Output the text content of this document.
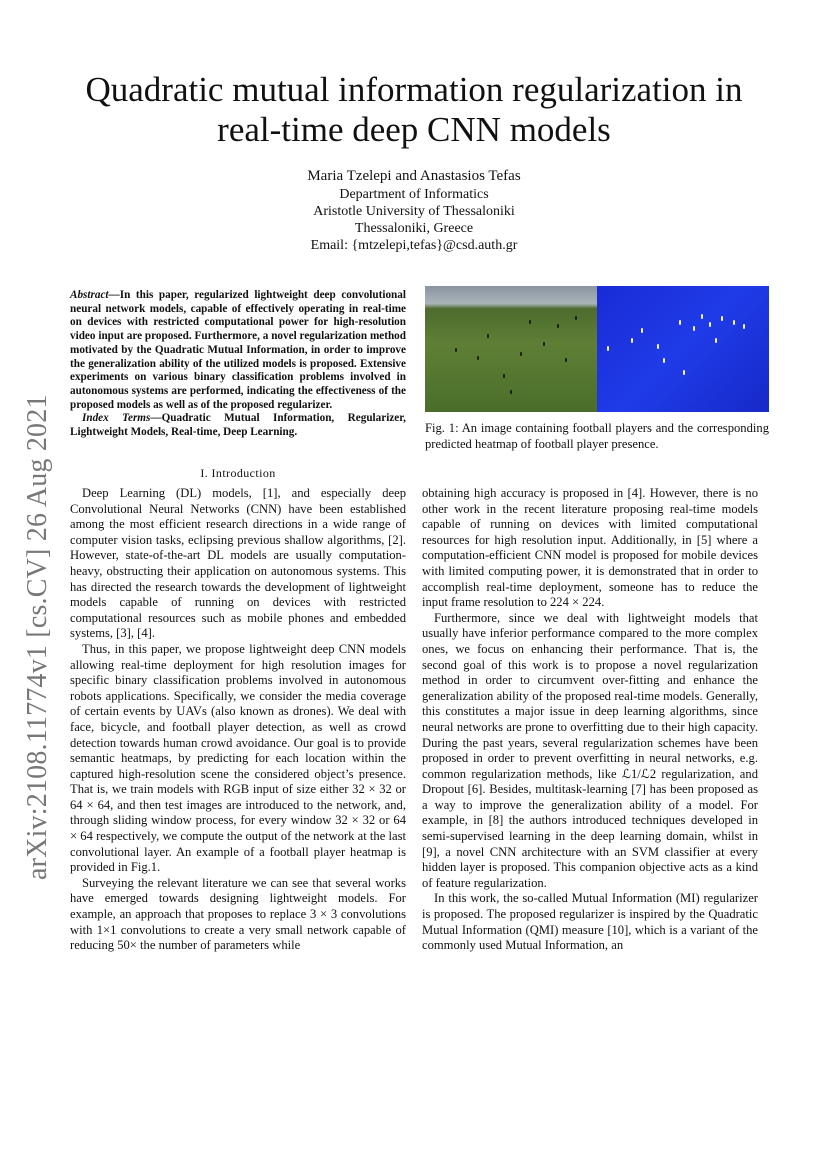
arXiv:2108.11774v1 [cs.CV] 26 Aug 2021
Quadratic mutual information regularization in
real-time deep CNN models
Maria Tzelepi and Anastasios Tefas
Department of Informatics
Aristotle University of Thessaloniki
Thessaloniki, Greece
Email: {mtzelepi,tefas}@csd.auth.gr

Abstract—In this paper, regularized lightweight deep convolutional neural network models, capable of effectively operating in real-time on devices with restricted computational power for high-resolution video input are proposed. Furthermore, a novel regularization method motivated by the Quadratic Mutual Information, in order to improve the generalization ability of the utilized models is proposed. Extensive experiments on various binary classification problems involved in autonomous systems are performed, indicating the effectiveness of the proposed models as well as of the proposed regularizer.

Index Terms—Quadratic Mutual Information, Regularizer, Lightweight Models, Real-time, Deep Learning.	Fig. 1: An image containing football players and the corresponding predicted heatmap of football player presence.
I. Introduction

Deep Learning (DL) models, [1], and especially deep Convolutional Neural Networks (CNN) have been established among the most efficient research directions in a wide range of computer vision tasks, eclipsing previous shallow algorithms, [2]. However, state-of-the-art DL models are usually computation-heavy, obstructing their application on autonomous systems. This has directed the research towards the development of lightweight models capable of running on devices with restricted computational resources such as mobile phones and embedded systems, [3], [4].

Thus, in this paper, we propose lightweight deep CNN models allowing real-time deployment for high resolution images for specific binary classification problems involved in autonomous robots applications. Specifically, we consider the media coverage of certain events by UAVs (also known as drones). We deal with face, bicycle, and football player detection, as well as crowd detection towards human crowd avoidance. Our goal is to provide semantic heatmaps, by predicting for each location within the captured high-resolution scene the considered object’s presence. That is, we train models with RGB input of size either 32 × 32 or 64 × 64, and then test images are introduced to the network, and, through sliding window process, for every window 32 × 32 or 64 × 64 respectively, we compute the output of the network at the last convolutional layer. An example of a football player heatmap is provided in Fig.1.

Surveying the relevant literature we can see that several works have emerged towards designing lightweight models. For example, an approach that proposes to replace 3 × 3 convolutions with 1×1 convolutions to create a very small network capable of reducing 50× the number of parameters while

obtaining high accuracy is proposed in [4]. However, there is no other work in the recent literature proposing real-time models capable of running on devices with limited computational resources for high resolution input. Additionally, in [5] where a computation-efficient CNN model is proposed for mobile devices with limited computing power, it is demonstrated that in order to accomplish real-time deployment, someone has to reduce the input frame resolution to 224 × 224.

Furthermore, since we deal with lightweight models that usually have inferior performance compared to the more complex ones, we focus on enhancing their performance. That is, the second goal of this work is to propose a novel regularization method in order to circumvent over-fitting and enhance the generalization ability of the proposed real-time models. Generally, this constitutes a major issue in deep learning algorithms, since neural networks are prone to overfitting due to their high capacity. During the past years, several regularization schemes have been proposed in order to prevent overfitting in neural networks, e.g. common regularization methods, like ℒ1/ℒ2 regularization, and Dropout [6]. Besides, multitask-learning [7] has been proposed as a way to improve the generalization ability of a model. For example, in [8] the authors introduced techniques developed in semi-supervised learning in the deep learning domain, whilst in [9], a novel CNN architecture with an SVM classifier at every hidden layer is proposed. This companion objective acts as a kind of feature regularization.

In this work, the so-called Mutual Information (MI) regularizer is proposed. The proposed regularizer is inspired by the Quadratic Mutual Information (QMI) measure [10], which is a variant of the commonly used Mutual Information, an
